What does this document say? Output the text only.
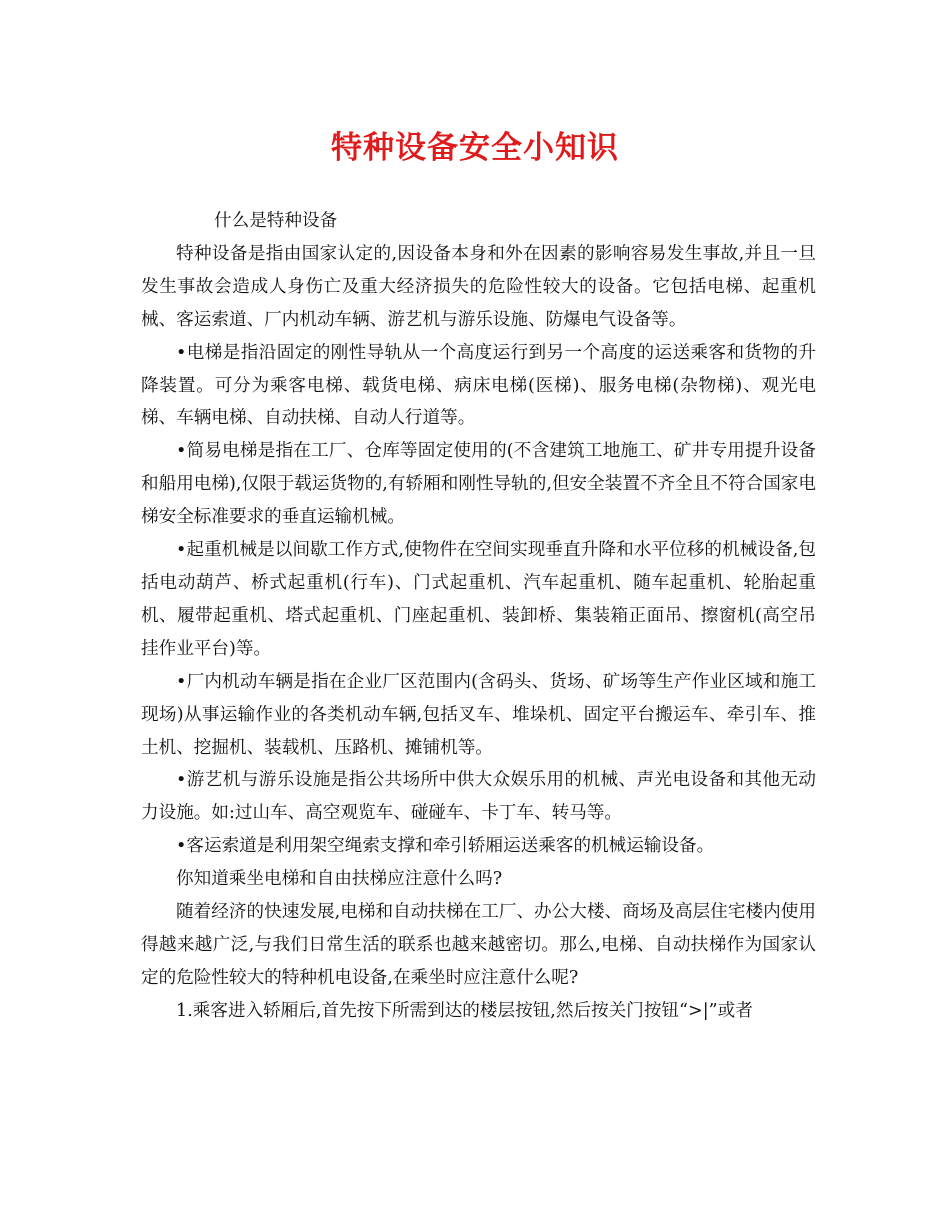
特种设备安全小知识

什么是特种设备

特种设备是指由国家认定的,因设备本身和外在因素的影响容易发生事故,并且一旦发生事故会造成人身伤亡及重大经济损失的危险性较大的设备。它包括电梯、起重机械、客运索道、厂内机动车辆、游艺机与游乐设施、防爆电气设备等。

•电梯是指沿固定的刚性导轨从一个高度运行到另一个高度的运送乘客和货物的升降装置。可分为乘客电梯、载货电梯、病床电梯(医梯)、服务电梯(杂物梯)、观光电梯、车辆电梯、自动扶梯、自动人行道等。

•简易电梯是指在工厂、仓库等固定使用的(不含建筑工地施工、矿井专用提升设备和船用电梯),仅限于载运货物的,有轿厢和刚性导轨的,但安全装置不齐全且不符合国家电梯安全标准要求的垂直运输机械。

•起重机械是以间歇工作方式,使物件在空间实现垂直升降和水平位移的机械设备,包括电动葫芦、桥式起重机(行车)、门式起重机、汽车起重机、随车起重机、轮胎起重机、履带起重机、塔式起重机、门座起重机、装卸桥、集装箱正面吊、擦窗机(高空吊挂作业平台)等。

•厂内机动车辆是指在企业厂区范围内(含码头、货场、矿场等生产作业区域和施工现场)从事运输作业的各类机动车辆,包括叉车、堆垛机、固定平台搬运车、牵引车、推土机、挖掘机、装载机、压路机、摊铺机等。

•游艺机与游乐设施是指公共场所中供大众娱乐用的机械、声光电设备和其他无动力设施。如:过山车、高空观览车、碰碰车、卡丁车、转马等。

•客运索道是利用架空绳索支撑和牵引轿厢运送乘客的机械运输设备。

你知道乘坐电梯和自由扶梯应注意什么吗?

随着经济的快速发展,电梯和自动扶梯在工厂、办公大楼、商场及高层住宅楼内使用得越来越广泛,与我们日常生活的联系也越来越密切。那么,电梯、自动扶梯作为国家认定的危险性较大的特种机电设备,在乘坐时应注意什么呢?

1.乘客进入轿厢后,首先按下所需到达的楼层按钮,然后按关门按钮“>|”或者
